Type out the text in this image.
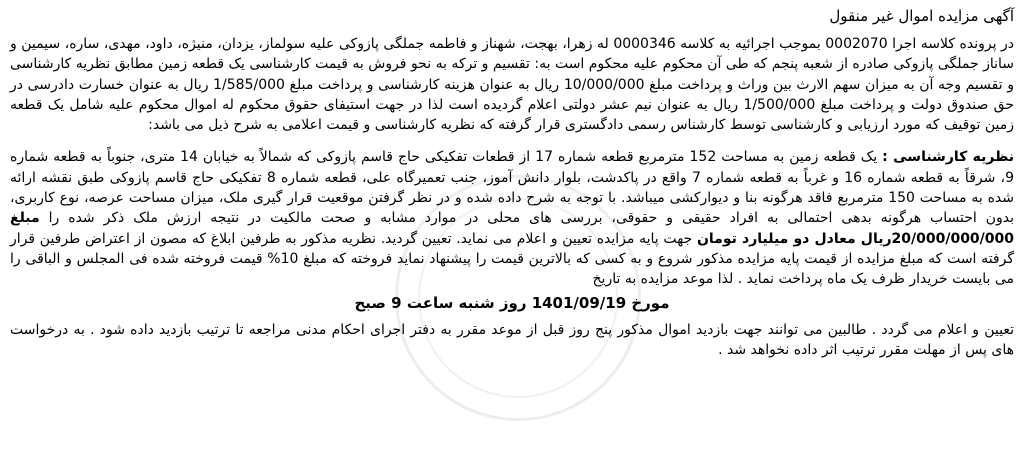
آگهی مزایده اموال غیر منقول

در پرونده کلاسه اجرا 0002070 بموجب اجرائیه به کلاسه 0000346 له زهرا، بهجت، شهناز و فاطمه جملگی پازوکی علیه سولماز، یزدان، منیژه، داود، مهدی، ساره، سیمین و ساناز جملگی پازوکی صادره از شعبه پنجم که طی آن محکوم علیه محکوم است به: تقسیم و ترکه به نحو فروش به قیمت کارشناسی یک قطعه زمین مطابق نظریه کارشناسی و تقسیم وجه آن به میزان سهم الارث بین وراث و پرداخت مبلغ 10/000/000 ریال به عنوان هزینه کارشناسی و پرداخت مبلغ 1/585/000 ریال به عنوان خسارت دادرسی در حق صندوق دولت و پرداخت مبلغ 1/500/000 ریال به عنوان نیم عشر دولتی اعلام گردیده است لذا در جهت استیفای حقوق محکوم له اموال محکوم علیه شامل یک قطعه زمین توقیف که مورد ارزیابی و کارشناسی توسط کارشناس رسمی دادگستری قرار گرفته که نظریه کارشناسی و قیمت اعلامی به شرح ذیل می باشد:

نظریه کارشناسی : یک قطعه زمین به مساحت 152 مترمربع قطعه شماره 17 از قطعات تفکیکی حاج قاسم پازوکی که شمالاً به خیابان 14 متری، جنوباً به قطعه شماره 9، شرقاً به قطعه شماره 16 و غرباً به قطعه شماره 7 واقع در پاکدشت، بلوار دانش آموز، جنب تعمیرگاه علی، قطعه شماره 8 تفکیکی حاج قاسم پازوکی طبق نقشه ارائه شده به مساحت 150 مترمربع فاقد هرگونه بنا و دیوارکشی میباشد. با توجه به شرح داده شده و در نظر گرفتن موقعیت قرار گیری ملک، میزان مساحت عرصه، نوع کاربری، بدون احتساب هرگونه بدهی احتمالی به افراد حقیقی و حقوقی، بررسی های محلی در موارد مشابه و صحت مالکیت در نتیجه ارزش ملک ذکر شده را مبلغ 20/000/000/000ریال معادل دو میلیارد تومان جهت پایه مزایده تعیین و اعلام می نماید. تعیین گردید. نظریه مذکور به طرفین ابلاغ که مصون از اعتراض طرفین قرار گرفته است که مبلغ مزایده از قیمت پایه مزایده مذکور شروع و به کسی که بالاترین قیمت را پیشنهاد نماید فروخته که مبلغ 10% قیمت فروخته شده فی المجلس و الباقی را می بایست خریدار ظرف یک ماه پرداخت نماید . لذا موعد مزایده به تاریخ

مورخ 1401/09/19 روز شنبه ساعت 9 صبح

تعیین و اعلام می گردد . طالبین می توانند جهت بازدید اموال مذکور پنج روز قبل از موعد مقرر به دفتر اجرای احکام مدنی مراجعه تا ترتیب بازدید داده شود . به درخواست های پس از مهلت مقرر ترتیب اثر داده نخواهد شد .
